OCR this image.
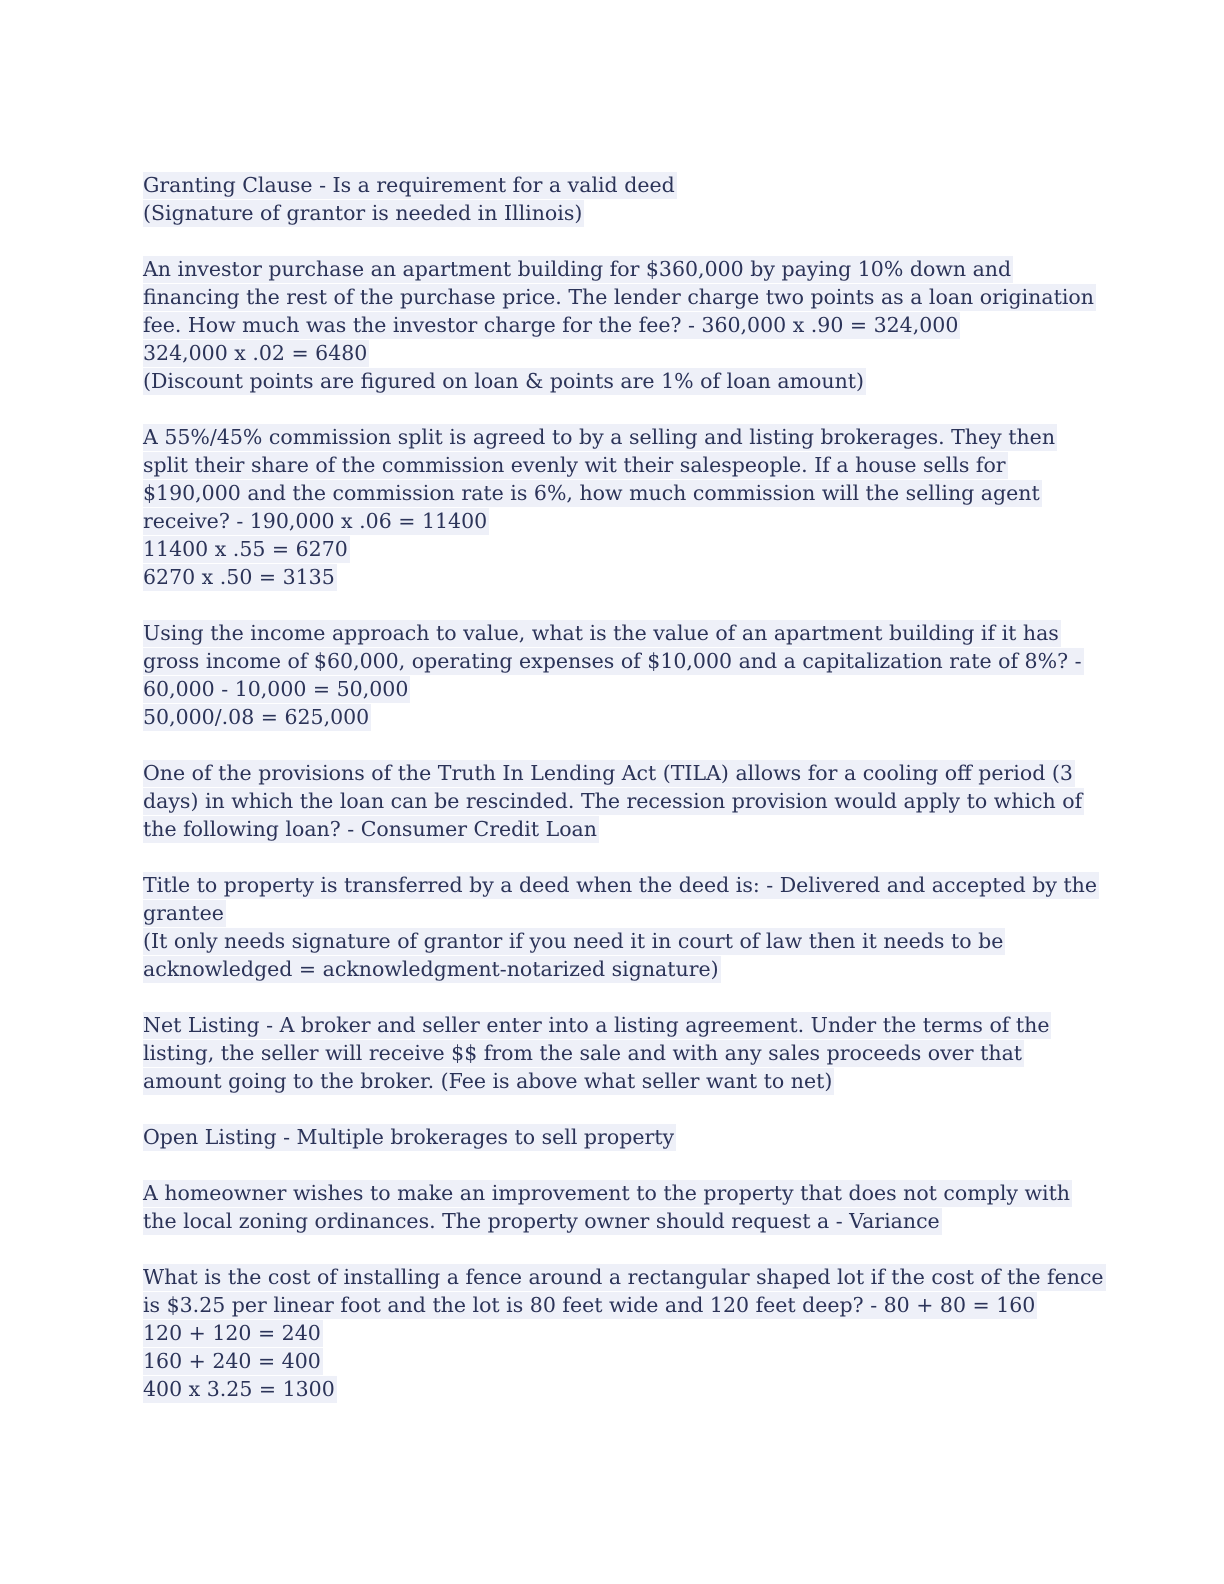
Granting Clause - Is a requirement for a valid deed
(Signature of grantor is needed in Illinois)
An investor purchase an apartment building for $360,000 by paying 10% down and
financing the rest of the purchase price. The lender charge two points as a loan origination
fee. How much was the investor charge for the fee? - 360,000 x .90 = 324,000
324,000 x .02 = 6480
(Discount points are figured on loan & points are 1% of loan amount)
A 55%/45% commission split is agreed to by a selling and listing brokerages. They then
split their share of the commission evenly wit their salespeople. If a house sells for
$190,000 and the commission rate is 6%, how much commission will the selling agent
receive? - 190,000 x .06 = 11400
11400 x .55 = 6270
6270 x .50 = 3135
Using the income approach to value, what is the value of an apartment building if it has
gross income of $60,000, operating expenses of $10,000 and a capitalization rate of 8%? -
60,000 - 10,000 = 50,000
50,000/.08 = 625,000
One of the provisions of the Truth In Lending Act (TILA) allows for a cooling off period (3
days) in which the loan can be rescinded. The recession provision would apply to which of
the following loan? - Consumer Credit Loan
Title to property is transferred by a deed when the deed is: - Delivered and accepted by the
grantee
(It only needs signature of grantor if you need it in court of law then it needs to be
acknowledged = acknowledgment-notarized signature)
Net Listing - A broker and seller enter into a listing agreement. Under the terms of the
listing, the seller will receive $$ from the sale and with any sales proceeds over that
amount going to the broker. (Fee is above what seller want to net)
Open Listing - Multiple brokerages to sell property
A homeowner wishes to make an improvement to the property that does not comply with
the local zoning ordinances. The property owner should request a - Variance
What is the cost of installing a fence around a rectangular shaped lot if the cost of the fence
is $3.25 per linear foot and the lot is 80 feet wide and 120 feet deep? - 80 + 80 = 160
120 + 120 = 240
160 + 240 = 400
400 x 3.25 = 1300
